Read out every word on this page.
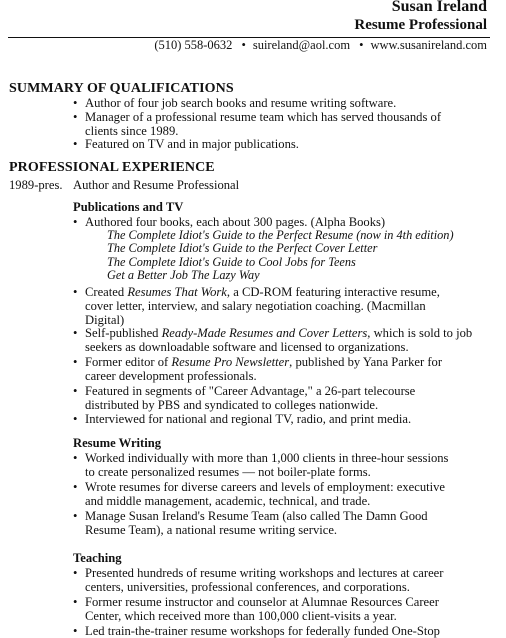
Susan Ireland
Resume Professional
(510) 558-0632 • suireland@aol.com • www.susanireland.com
SUMMARY OF QUALIFICATIONS
• Author of four job search books and resume writing software.
• Manager of a professional resume team which has served thousands of
clients since 1989.
• Featured on TV and in major publications.
PROFESSIONAL EXPERIENCE
1989-pres. Author and Resume Professional
Publications and TV
• Authored four books, each about 300 pages. (Alpha Books)
The Complete Idiot's Guide to the Perfect Resume (now in 4th edition)
The Complete Idiot's Guide to the Perfect Cover Letter
The Complete Idiot's Guide to Cool Jobs for Teens
Get a Better Job The Lazy Way
• Created Resumes That Work, a CD-ROM featuring interactive resume,
cover letter, interview, and salary negotiation coaching. (Macmillan
Digital)
• Self-published Ready-Made Resumes and Cover Letters, which is sold to job
seekers as downloadable software and licensed to organizations.
• Former editor of Resume Pro Newsletter, published by Yana Parker for
career development professionals.
• Featured in segments of "Career Advantage," a 26-part telecourse
distributed by PBS and syndicated to colleges nationwide.
• Interviewed for national and regional TV, radio, and print media.
Resume Writing
• Worked individually with more than 1,000 clients in three-hour sessions
to create personalized resumes — not boiler-plate forms.
• Wrote resumes for diverse careers and levels of employment: executive
and middle management, academic, technical, and trade.
• Manage Susan Ireland's Resume Team (also called The Damn Good
Resume Team), a national resume writing service.
Teaching
• Presented hundreds of resume writing workshops and lectures at career
centers, universities, professional conferences, and corporations.
• Former resume instructor and counselor at Alumnae Resources Career
Center, which received more than 100,000 client-visits a year.
• Led train-the-trainer resume workshops for federally funded One-Stop
